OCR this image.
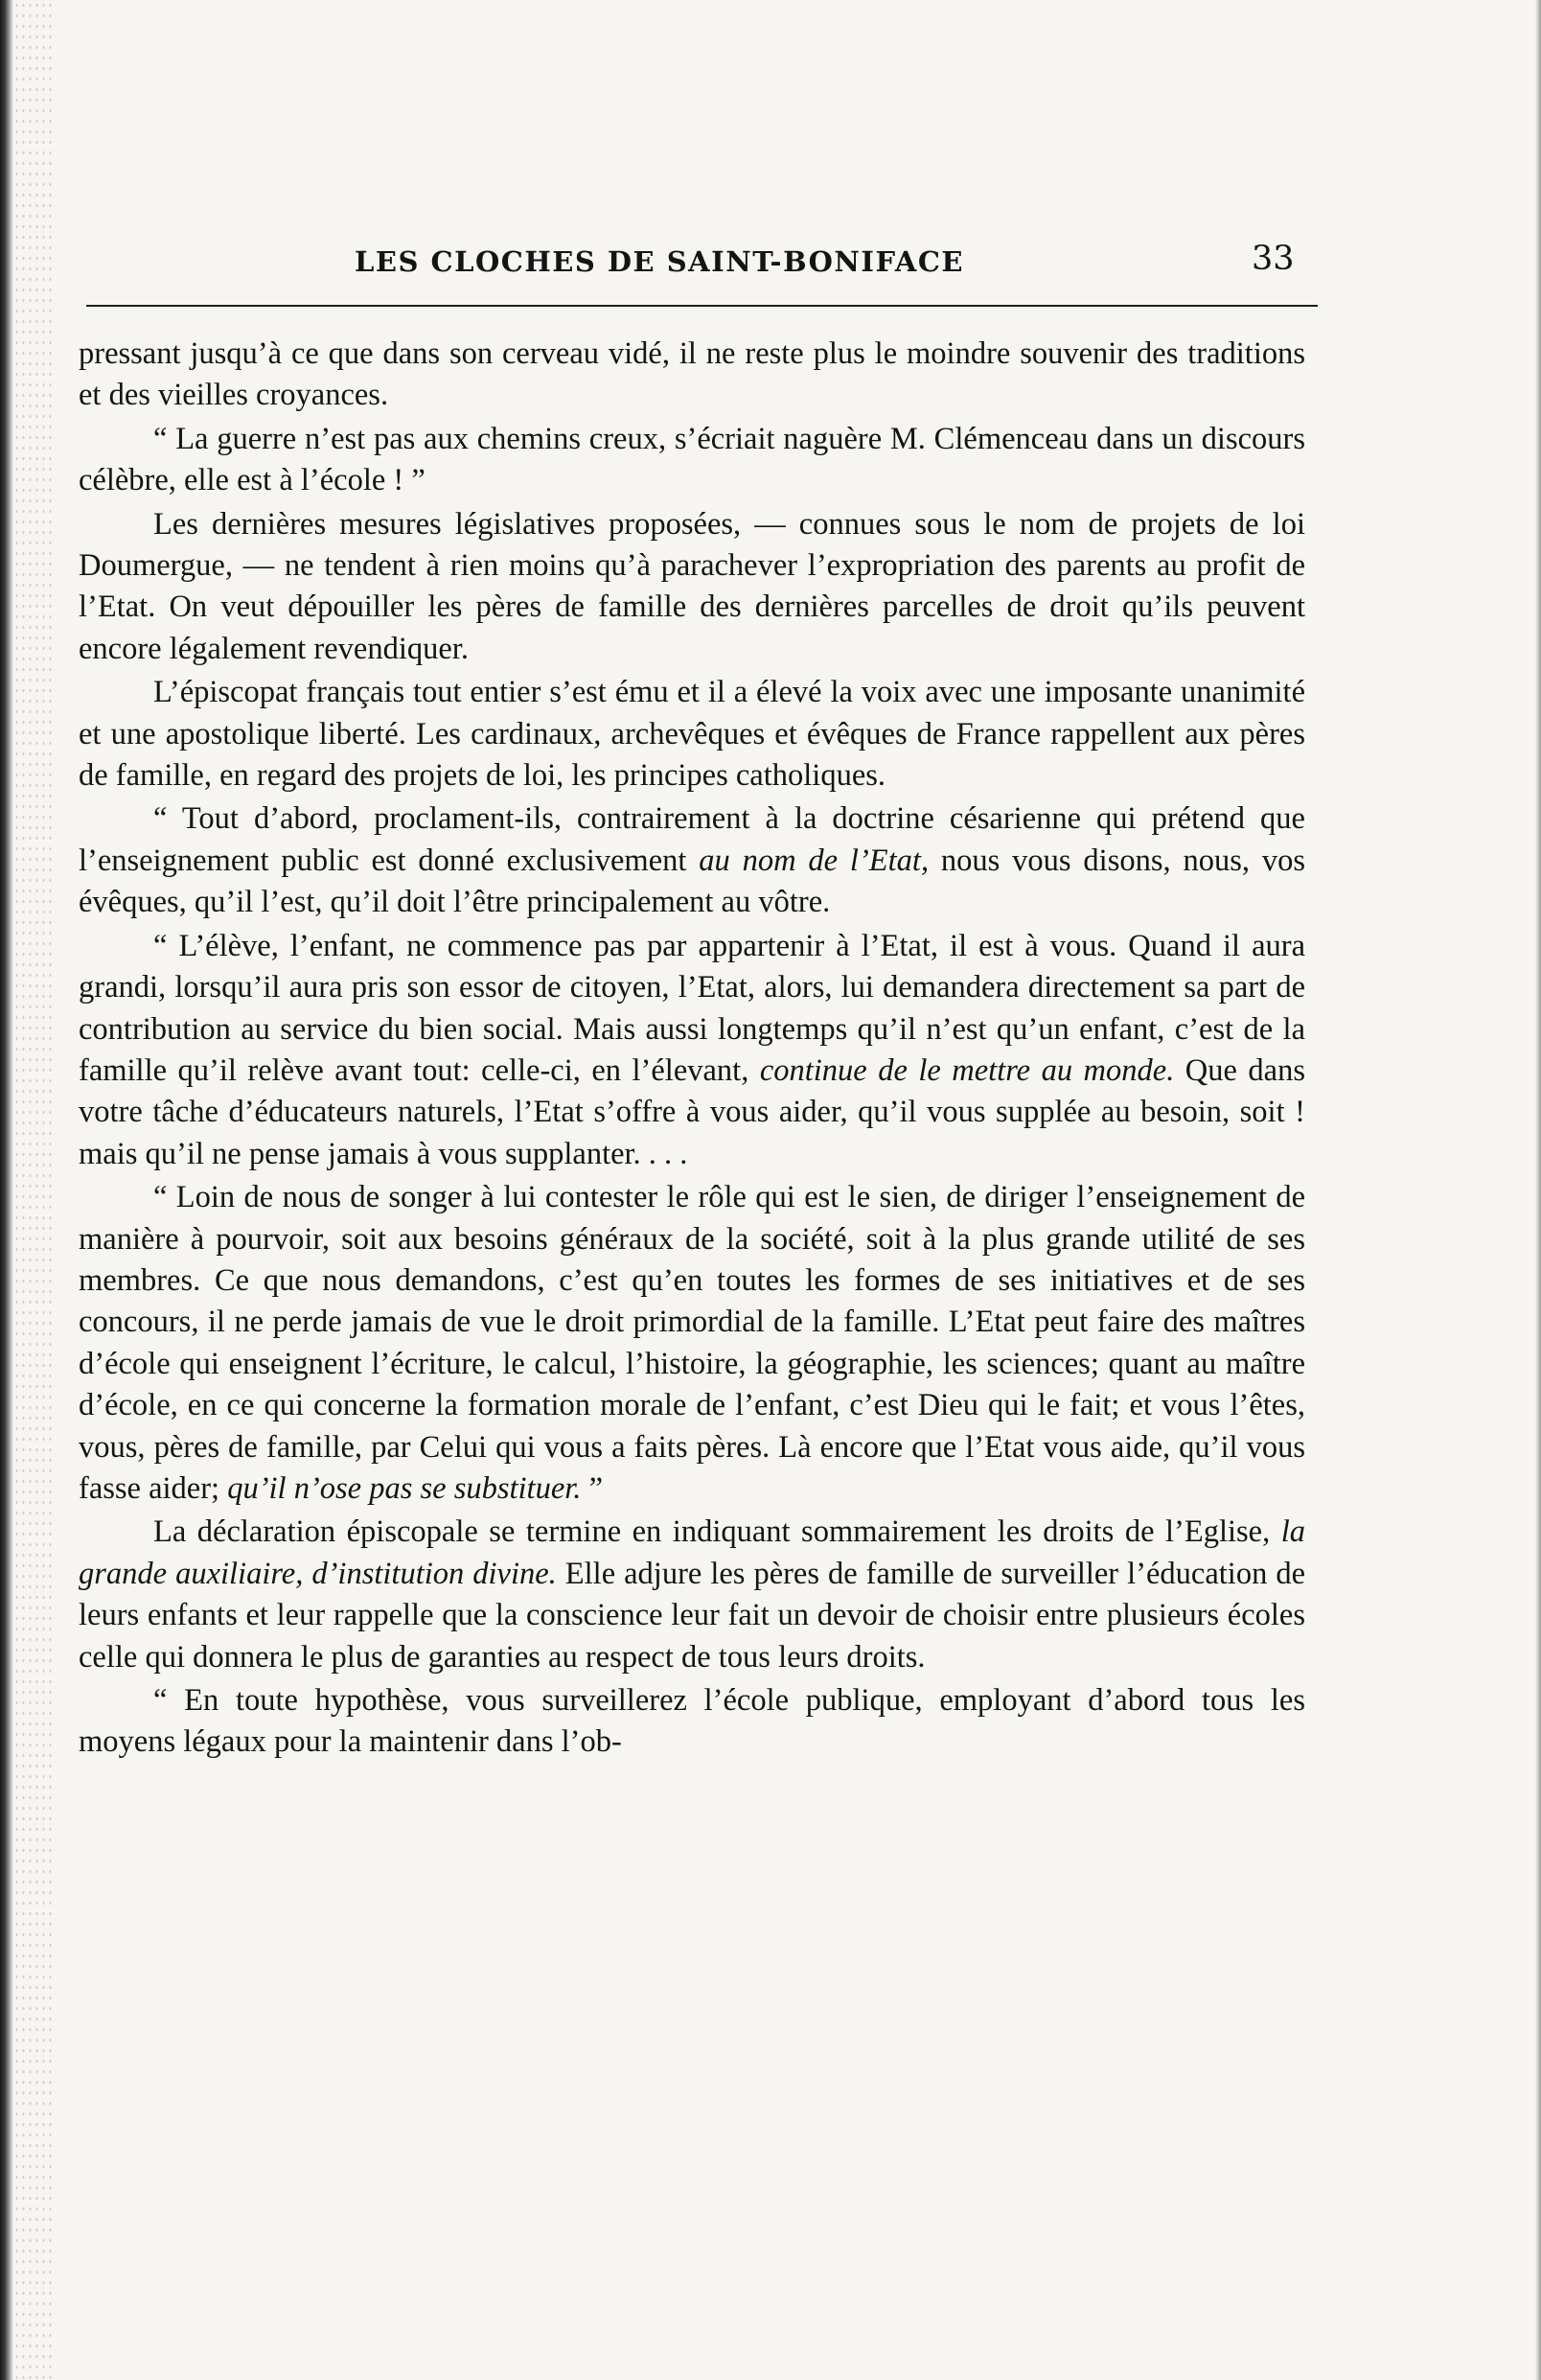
LES CLOCHES DE SAINT-BONIFACE	33

pressant jusqu’à ce que dans son cerveau vidé, il ne reste plus le moindre souvenir des traditions et des vieilles croyances.

“ La guerre n’est pas aux chemins creux, s’écriait naguère M. Clémenceau dans un discours célèbre, elle est à l’école ! ”

Les dernières mesures législatives proposées, — connues sous le nom de projets de loi Doumergue, — ne tendent à rien moins qu’à parachever l’expropriation des parents au profit de l’Etat. On veut dépouiller les pères de famille des dernières parcelles de droit qu’ils peuvent encore légalement revendiquer.

L’épiscopat français tout entier s’est ému et il a élevé la voix avec une imposante unanimité et une apostolique liberté. Les cardinaux, archevêques et évêques de France rappellent aux pères de famille, en regard des projets de loi, les principes catholiques.

“ Tout d’abord, proclament-ils, contrairement à la doctrine césarienne qui prétend que l’enseignement public est donné exclusivement au nom de l’Etat, nous vous disons, nous, vos évêques, qu’il l’est, qu’il doit l’être principalement au vôtre.

“ L’élève, l’enfant, ne commence pas par appartenir à l’Etat, il est à vous. Quand il aura grandi, lorsqu’il aura pris son essor de citoyen, l’Etat, alors, lui demandera directement sa part de contribution au service du bien social. Mais aussi longtemps qu’il n’est qu’un enfant, c’est de la famille qu’il relève avant tout: celle-ci, en l’élevant, continue de le mettre au monde. Que dans votre tâche d’éducateurs naturels, l’Etat s’offre à vous aider, qu’il vous supplée au besoin, soit ! mais qu’il ne pense jamais à vous supplanter. . . .

“ Loin de nous de songer à lui contester le rôle qui est le sien, de diriger l’enseignement de manière à pourvoir, soit aux besoins généraux de la société, soit à la plus grande utilité de ses membres. Ce que nous demandons, c’est qu’en toutes les formes de ses initiatives et de ses concours, il ne perde jamais de vue le droit primordial de la famille. L’Etat peut faire des maîtres d’école qui enseignent l’écriture, le calcul, l’histoire, la géographie, les sciences; quant au maître d’école, en ce qui concerne la formation morale de l’enfant, c’est Dieu qui le fait; et vous l’êtes, vous, pères de famille, par Celui qui vous a faits pères. Là encore que l’Etat vous aide, qu’il vous fasse aider; qu’il n’ose pas se substituer. ”

La déclaration épiscopale se termine en indiquant sommairement les droits de l’Eglise, la grande auxiliaire, d’institution divine. Elle adjure les pères de famille de surveiller l’éducation de leurs enfants et leur rappelle que la conscience leur fait un devoir de choisir entre plusieurs écoles celle qui donnera le plus de garanties au respect de tous leurs droits.

“ En toute hypothèse, vous surveillerez l’école publique, employant d’abord tous les moyens légaux pour la maintenir dans l’ob-
